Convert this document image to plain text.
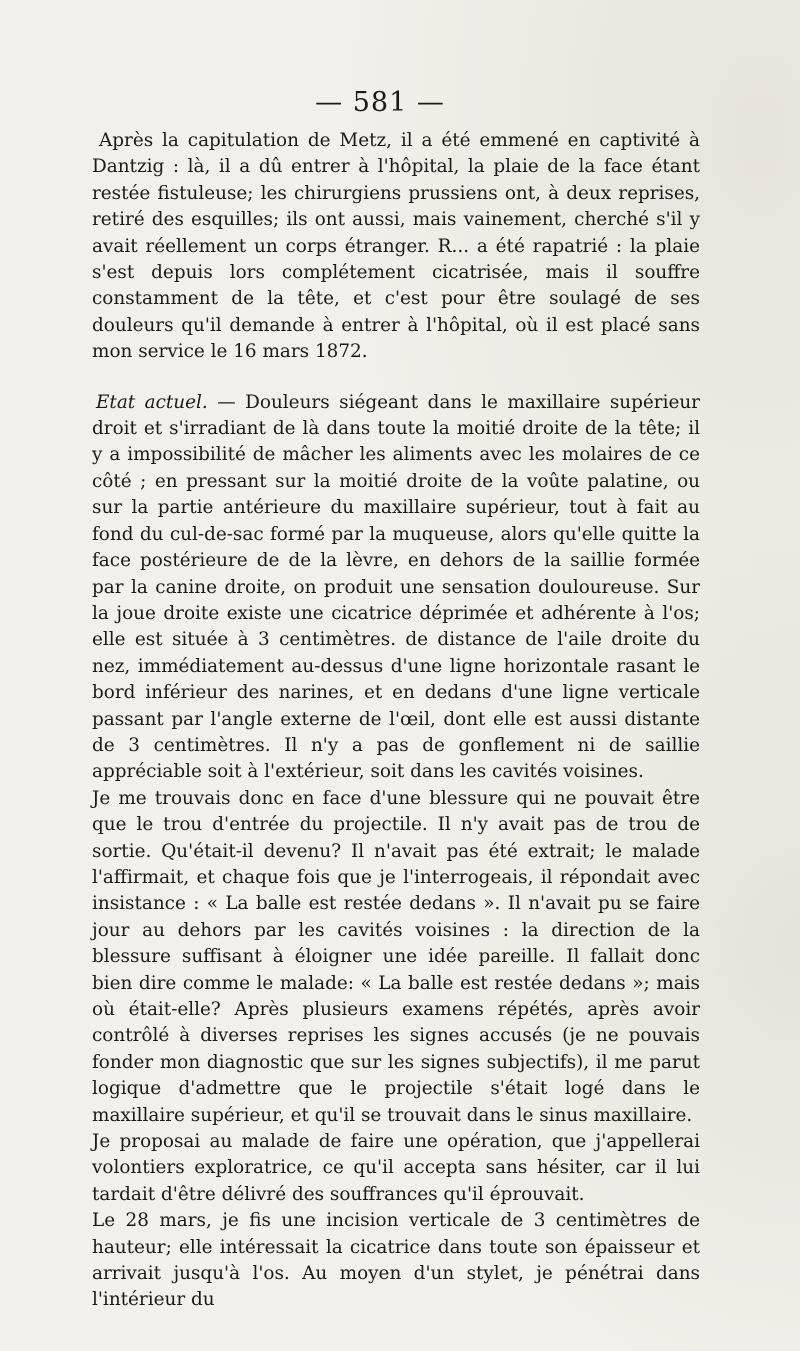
— 581 —

Après la capitulation de Metz, il a été emmené en captivité à Dantzig : là, il a dû entrer à l'hôpital, la plaie de la face étant restée fistuleuse; les chirurgiens prussiens ont, à deux reprises, retiré des esquilles; ils ont aussi, mais vainement, cherché s'il y avait réellement un corps étranger. R... a été rapatrié : la plaie s'est depuis lors complétement cicatrisée, mais il souffre constamment de la tête, et c'est pour être soulagé de ses douleurs qu'il demande à entrer à l'hôpital, où il est placé sans mon service le 16 mars 1872.

Etat actuel. — Douleurs siégeant dans le maxillaire supérieur droit et s'irradiant de là dans toute la moitié droite de la tête; il y a impossibilité de mâcher les aliments avec les molaires de ce côté ; en pressant sur la moitié droite de la voûte palatine, ou sur la partie antérieure du maxillaire supérieur, tout à fait au fond du cul-de-sac formé par la muqueuse, alors qu'elle quitte la face postérieure de de la lèvre, en dehors de la saillie formée par la canine droite, on produit une sensation douloureuse. Sur la joue droite existe une cicatrice déprimée et adhérente à l'os; elle est située à 3 centimètres. de distance de l'aile droite du nez, immédiatement au-dessus d'une ligne horizontale rasant le bord inférieur des narines, et en dedans d'une ligne verticale passant par l'angle externe de l'œil, dont elle est aussi distante de 3 centimètres. Il n'y a pas de gonflement ni de saillie appréciable soit à l'extérieur, soit dans les cavités voisines.

Je me trouvais donc en face d'une blessure qui ne pouvait être que le trou d'entrée du projectile. Il n'y avait pas de trou de sortie. Qu'était-il devenu? Il n'avait pas été extrait; le malade l'affirmait, et chaque fois que je l'interrogeais, il répondait avec insistance : « La balle est restée dedans ». Il n'avait pu se faire jour au dehors par les cavités voisines : la direction de la blessure suffisant à éloigner une idée pareille. Il fallait donc bien dire comme le malade: « La balle est restée dedans »; mais où était-elle? Après plusieurs examens répétés, après avoir contrôlé à diverses reprises les signes accusés (je ne pouvais fonder mon diagnostic que sur les signes subjectifs), il me parut logique d'admettre que le projectile s'était logé dans le maxillaire supérieur, et qu'il se trouvait dans le sinus maxillaire.

Je proposai au malade de faire une opération, que j'appellerai volontiers exploratrice, ce qu'il accepta sans hésiter, car il lui tardait d'être délivré des souffrances qu'il éprouvait.

Le 28 mars, je fis une incision verticale de 3 centimètres de hauteur; elle intéressait la cicatrice dans toute son épaisseur et arrivait jusqu'à l'os. Au moyen d'un stylet, je pénétrai dans l'intérieur du
